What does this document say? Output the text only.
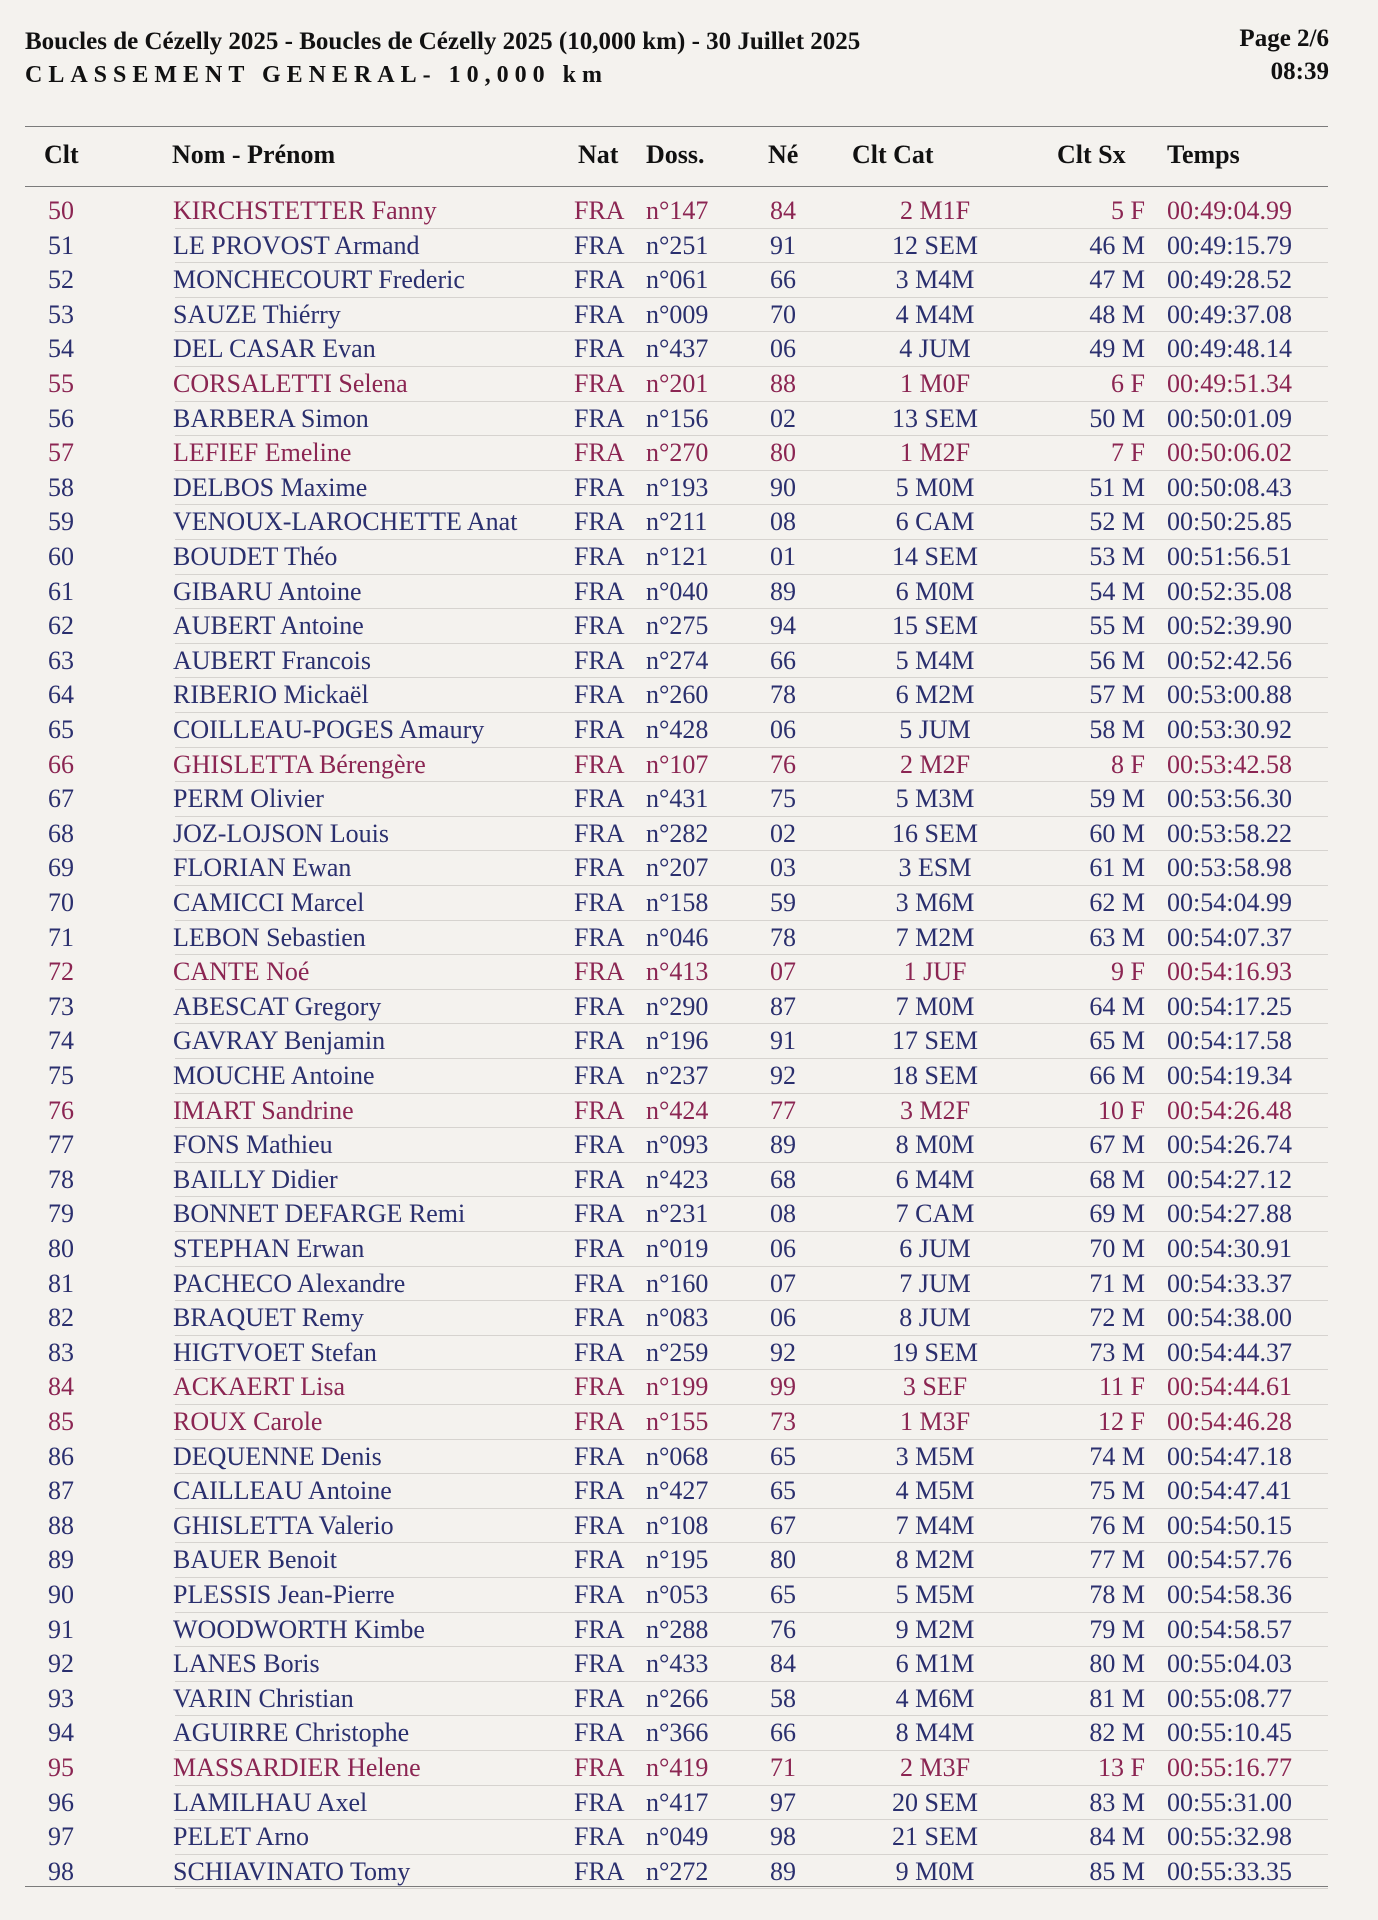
Boucles de Cézelly 2025 - Boucles de Cézelly 2025 (10,000 km) - 30 Juillet 2025
CLASSEMENT GENERAL- 10,000 km
Page 2/6
08:39
Clt	Nom - Prénom	Nat Doss. Né Clt Cat	Clt Sx Temps
50	KIRCHSTETTER Fanny	FRA n°147 84	2 M1F	5 F 00:49:04.99
51	LE PROVOST Armand	FRA n°251 91	12 SEM	46 M 00:49:15.79
52	MONCHECOURT Frederic	FRA n°061 66	3 M4M	47 M 00:49:28.52
53	SAUZE Thiérry	FRA n°009 70	4 M4M	48 M 00:49:37.08
54	DEL CASAR Evan	FRA n°437 06	4 JUM	49 M 00:49:48.14
55	CORSALETTI Selena	FRA n°201 88	1 M0F	6 F 00:49:51.34
56	BARBERA Simon	FRA n°156 02	13 SEM	50 M 00:50:01.09
57	LEFIEF Emeline	FRA n°270 80	1 M2F	7 F 00:50:06.02
58	DELBOS Maxime	FRA n°193 90	5 M0M	51 M 00:50:08.43
59	VENOUX-LAROCHETTE Anat FRA n°211 08	6 CAM	52 M 00:50:25.85
60	BOUDET Théo	FRA n°121 01	14 SEM	53 M 00:51:56.51
61	GIBARU Antoine	FRA n°040 89	6 M0M	54 M 00:52:35.08
62	AUBERT Antoine	FRA n°275 94	15 SEM	55 M 00:52:39.90
63	AUBERT Francois	FRA n°274 66	5 M4M	56 M 00:52:42.56
64	RIBERIO Mickaël	FRA n°260 78	6 M2M	57 M 00:53:00.88
65	COILLEAU-POGES Amaury	FRA n°428 06	5 JUM	58 M 00:53:30.92
66	GHISLETTA Bérengère	FRA n°107 76	2 M2F	8 F 00:53:42.58
67	PERM Olivier	FRA n°431 75	5 M3M	59 M 00:53:56.30
68	JOZ-LOJSON Louis	FRA n°282 02	16 SEM	60 M 00:53:58.22
69	FLORIAN Ewan	FRA n°207 03	3 ESM	61 M 00:53:58.98
70	CAMICCI Marcel	FRA n°158 59	3 M6M	62 M 00:54:04.99
71	LEBON Sebastien	FRA n°046 78	7 M2M	63 M 00:54:07.37
72	CANTE Noé	FRA n°413 07	1 JUF	9 F 00:54:16.93
73	ABESCAT Gregory	FRA n°290 87	7 M0M	64 M 00:54:17.25
74	GAVRAY Benjamin	FRA n°196 91	17 SEM	65 M 00:54:17.58
75	MOUCHE Antoine	FRA n°237 92	18 SEM	66 M 00:54:19.34
76	IMART Sandrine	FRA n°424 77	3 M2F	10 F 00:54:26.48
77	FONS Mathieu	FRA n°093 89	8 M0M	67 M 00:54:26.74
78	BAILLY Didier	FRA n°423 68	6 M4M	68 M 00:54:27.12
79	BONNET DEFARGE Remi	FRA n°231 08	7 CAM	69 M 00:54:27.88
80	STEPHAN Erwan	FRA n°019 06	6 JUM	70 M 00:54:30.91
81	PACHECO Alexandre	FRA n°160 07	7 JUM	71 M 00:54:33.37
82	BRAQUET Remy	FRA n°083 06	8 JUM	72 M 00:54:38.00
83	HIGTVOET Stefan	FRA n°259 92	19 SEM	73 M 00:54:44.37
84	ACKAERT Lisa	FRA n°199 99	3 SEF	11 F 00:54:44.61
85	ROUX Carole	FRA n°155 73	1 M3F	12 F 00:54:46.28
86	DEQUENNE Denis	FRA n°068 65	3 M5M	74 M 00:54:47.18
87	CAILLEAU Antoine	FRA n°427 65	4 M5M	75 M 00:54:47.41
88	GHISLETTA Valerio	FRA n°108 67	7 M4M	76 M 00:54:50.15
89	BAUER Benoit	FRA n°195 80	8 M2M	77 M 00:54:57.76
90	PLESSIS Jean-Pierre	FRA n°053 65	5 M5M	78 M 00:54:58.36
91	WOODWORTH Kimbe	FRA n°288 76	9 M2M	79 M 00:54:58.57
92	LANES Boris	FRA n°433 84	6 M1M	80 M 00:55:04.03
93	VARIN Christian	FRA n°266 58	4 M6M	81 M 00:55:08.77
94	AGUIRRE Christophe	FRA n°366 66	8 M4M	82 M 00:55:10.45
95	MASSARDIER Helene	FRA n°419 71	2 M3F	13 F 00:55:16.77
96	LAMILHAU Axel	FRA n°417 97	20 SEM	83 M 00:55:31.00
97	PELET Arno	FRA n°049 98	21 SEM	84 M 00:55:32.98
98	SCHIAVINATO Tomy	FRA n°272 89	9 M0M	85 M 00:55:33.35
